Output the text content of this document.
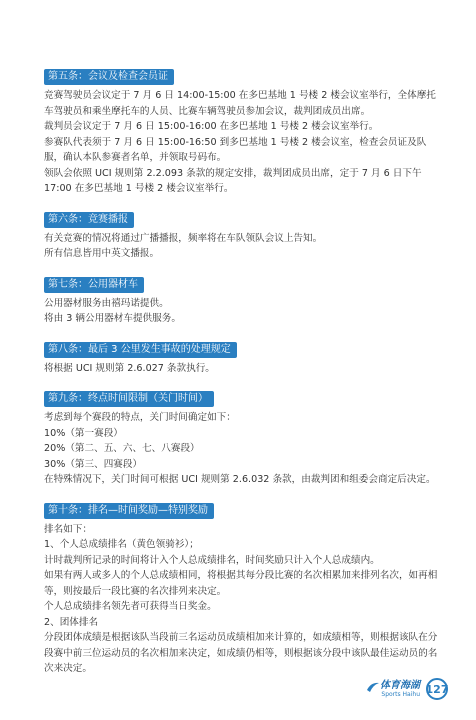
第五条：会议及检查会员证

竞赛驾驶员会议定于 7 月 6 日 14:00-15:00 在多巴基地 1 号楼 2 楼会议室举行，全体摩托车驾驶员和乘坐摩托车的人员、比赛车辆驾驶员参加会议，裁判团成员出席。

裁判员会议定于 7 月 6 日 15:00-16:00 在多巴基地 1 号楼 2 楼会议室举行。

参赛队代表须于 7 月 6 日 15:00-16:50 到多巴基地 1 号楼 2 楼会议室，检查会员证及队服，确认本队参赛者名单，并领取号码布。

领队会依照 UCI 规则第 2.2.093 条款的规定安排，裁判团成员出席，定于 7 月 6 日下午 17:00 在多巴基地 1 号楼 2 楼会议室举行。

第六条：竞赛播报

有关竞赛的情况将通过广播播报，频率将在车队领队会议上告知。

所有信息皆用中英文播报。

第七条：公用器材车

公用器材服务由禧玛诺提供。

将由 3 辆公用器材车提供服务。

第八条：最后 3 公里发生事故的处理规定

将根据 UCI 规则第 2.6.027 条款执行。

第九条：终点时间限制（关门时间）

考虑到每个赛段的特点，关门时间确定如下：

10%（第一赛段）

20%（第二、五、六、七、八赛段）

30%（第三、四赛段）

在特殊情况下，关门时间可根据 UCI 规则第 2.6.032 条款，由裁判团和组委会商定后决定。

第十条：排名—时间奖励—特别奖励

排名如下：

1、个人总成绩排名（黄色领骑衫）；

计时裁判所记录的时间将计入个人总成绩排名，时间奖励只计入个人总成绩内。

如果有两人或多人的个人总成绩相同，将根据其每分段比赛的名次相累加来排列名次，如再相等，则按最后一段比赛的名次排列来决定。

个人总成绩排名领先者可获得当日奖金。

2、团体排名

分段团体成绩是根据该队当段前三名运动员成绩相加来计算的，如成绩相等，则根据该队在分段赛中前三位运动员的名次相加来决定，如成绩仍相等，则根据该分段中该队最佳运动员的名次来决定。

体育海湖
Sports Haihu 127
